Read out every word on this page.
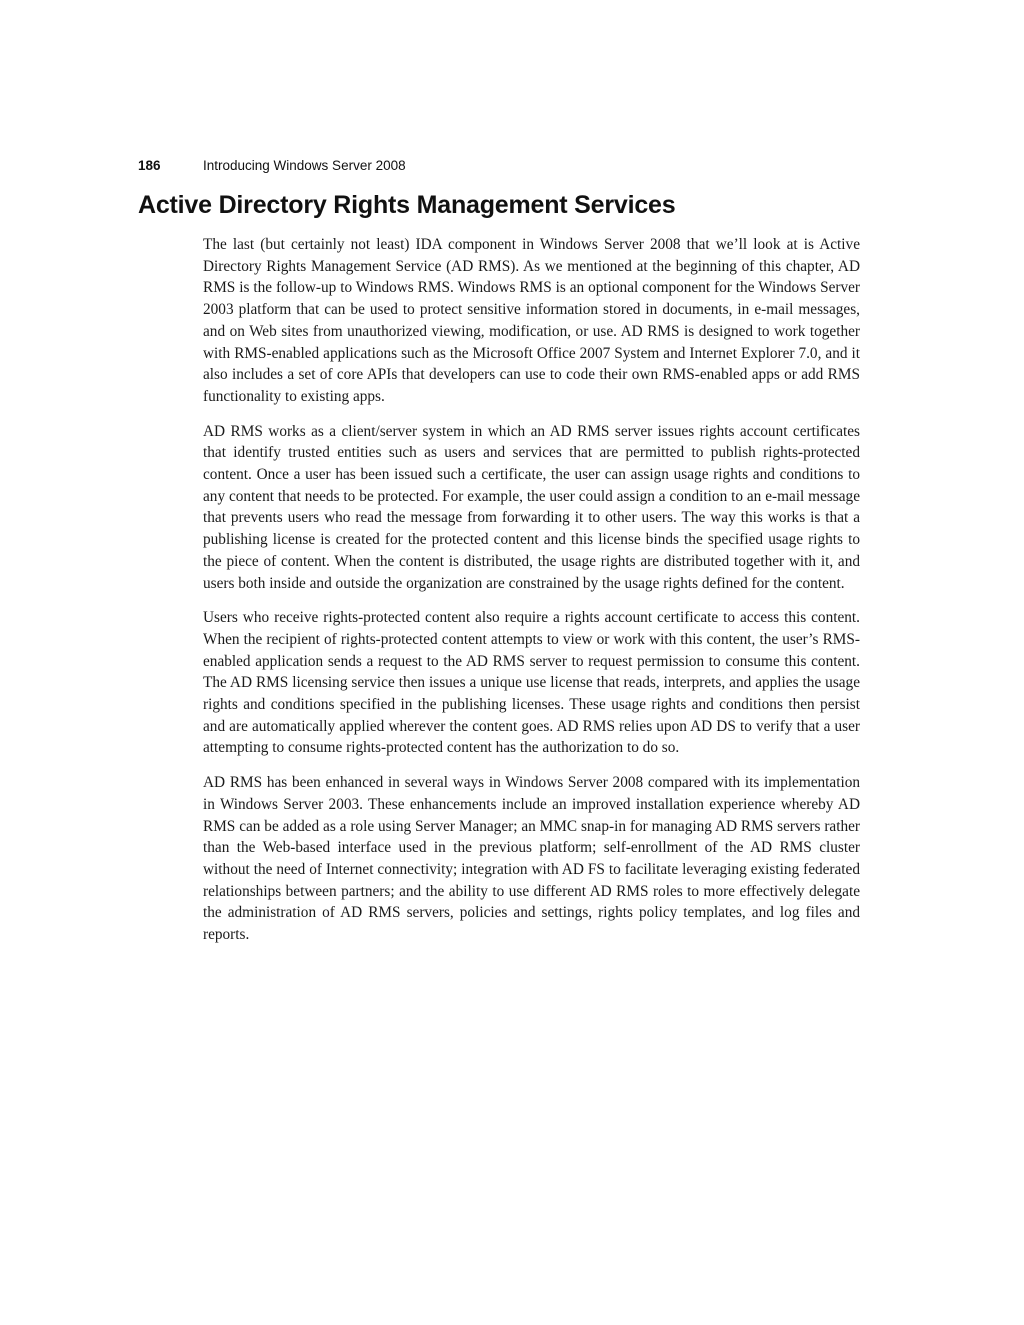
186	Introducing Windows Server 2008
Active Directory Rights Management Services

The last (but certainly not least) IDA component in Windows Server 2008 that we’ll look at is Active Directory Rights Management Service (AD RMS). As we mentioned at the beginning of this chapter, AD RMS is the follow-up to Windows RMS. Windows RMS is an optional component for the Windows Server 2003 platform that can be used to protect sensitive information stored in documents, in e-mail messages, and on Web sites from unauthorized viewing, modification, or use. AD RMS is designed to work together with RMS-enabled applications such as the Microsoft Office 2007 System and Internet Explorer 7.0, and it also includes a set of core APIs that developers can use to code their own RMS-enabled apps or add RMS functionality to existing apps.

AD RMS works as a client/server system in which an AD RMS server issues rights account certificates that identify trusted entities such as users and services that are permitted to publish rights-protected content. Once a user has been issued such a certificate, the user can assign usage rights and conditions to any content that needs to be protected. For example, the user could assign a condition to an e-mail message that prevents users who read the message from forwarding it to other users. The way this works is that a publishing license is created for the protected content and this license binds the specified usage rights to the piece of content. When the content is distributed, the usage rights are distributed together with it, and users both inside and outside the organization are constrained by the usage rights defined for the content.

Users who receive rights-protected content also require a rights account certificate to access this content. When the recipient of rights-protected content attempts to view or work with this content, the user’s RMS-enabled application sends a request to the AD RMS server to request permission to consume this content. The AD RMS licensing service then issues a unique use license that reads, interprets, and applies the usage rights and conditions specified in the publishing licenses. These usage rights and conditions then persist and are automatically applied wherever the content goes. AD RMS relies upon AD DS to verify that a user attempting to consume rights-protected content has the authorization to do so.

AD RMS has been enhanced in several ways in Windows Server 2008 compared with its implementation in Windows Server 2003. These enhancements include an improved installation experience whereby AD RMS can be added as a role using Server Manager; an MMC snap-in for managing AD RMS servers rather than the Web-based interface used in the previous platform; self-enrollment of the AD RMS cluster without the need of Internet connectivity; integration with AD FS to facilitate leveraging existing federated relationships between partners; and the ability to use different AD RMS roles to more effectively delegate the administration of AD RMS servers, policies and settings, rights policy templates, and log files and reports.
